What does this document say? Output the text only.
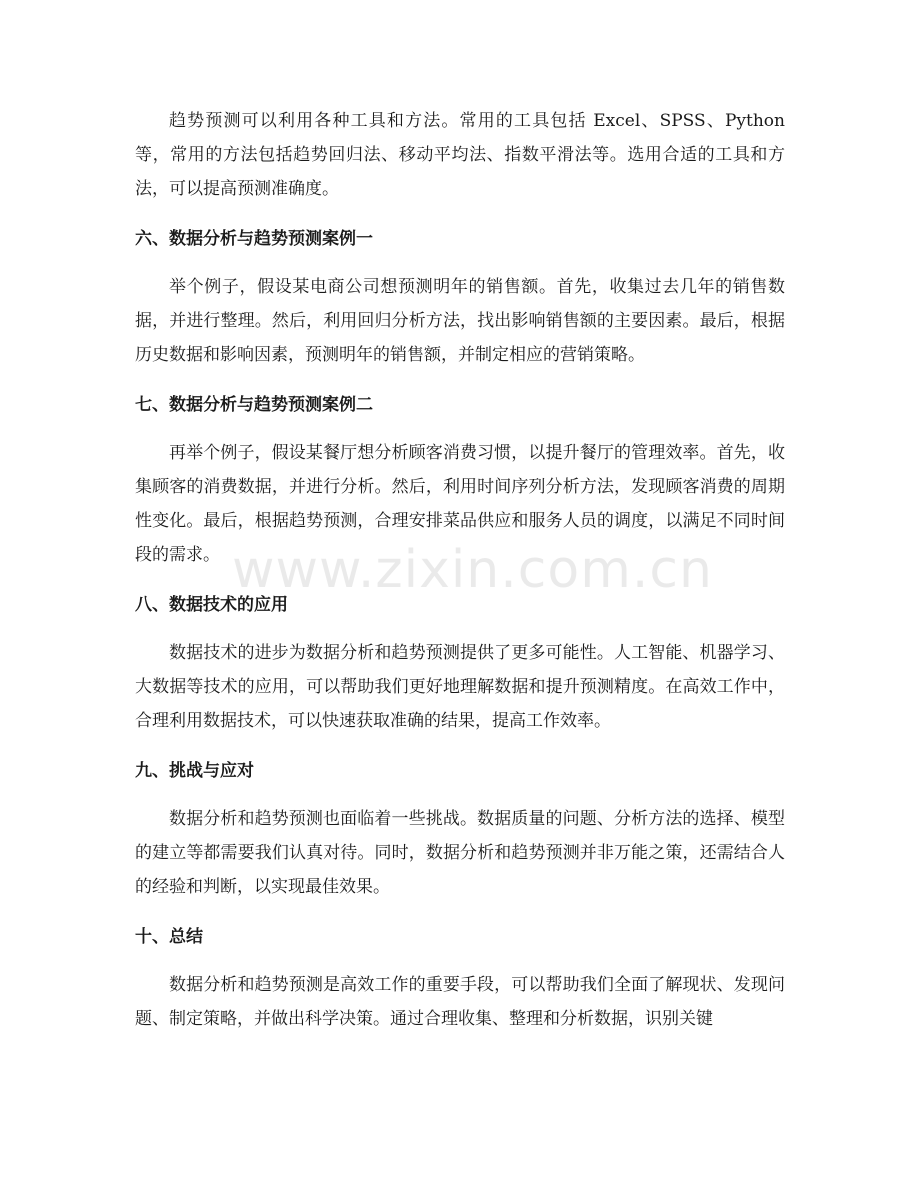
趋势预测可以利用各种工具和方法。常用的工具包括 Excel、SPSS、Python 等，常用的方法包括趋势回归法、移动平均法、指数平滑法等。选用合适的工具和方法，可以提高预测准确度。

六、数据分析与趋势预测案例一

举个例子，假设某电商公司想预测明年的销售额。首先，收集过去几年的销售数据，并进行整理。然后，利用回归分析方法，找出影响销售额的主要因素。最后，根据历史数据和影响因素，预测明年的销售额，并制定相应的营销策略。

七、数据分析与趋势预测案例二

再举个例子，假设某餐厅想分析顾客消费习惯，以提升餐厅的管理效率。首先，收集顾客的消费数据，并进行分析。然后，利用时间序列分析方法，发现顾客消费的周期性变化。最后，根据趋势预测，合理安排菜品供应和服务人员的调度，以满足不同时间段的需求。

八、数据技术的应用

数据技术的进步为数据分析和趋势预测提供了更多可能性。人工智能、机器学习、大数据等技术的应用，可以帮助我们更好地理解数据和提升预测精度。在高效工作中，合理利用数据技术，可以快速获取准确的结果，提高工作效率。

九、挑战与应对

数据分析和趋势预测也面临着一些挑战。数据质量的问题、分析方法的选择、模型的建立等都需要我们认真对待。同时，数据分析和趋势预测并非万能之策，还需结合人的经验和判断，以实现最佳效果。

十、总结

数据分析和趋势预测是高效工作的重要手段，可以帮助我们全面了解现状、发现问题、制定策略，并做出科学决策。通过合理收集、整理和分析数据，识别关键

www.zixin.com.cn
